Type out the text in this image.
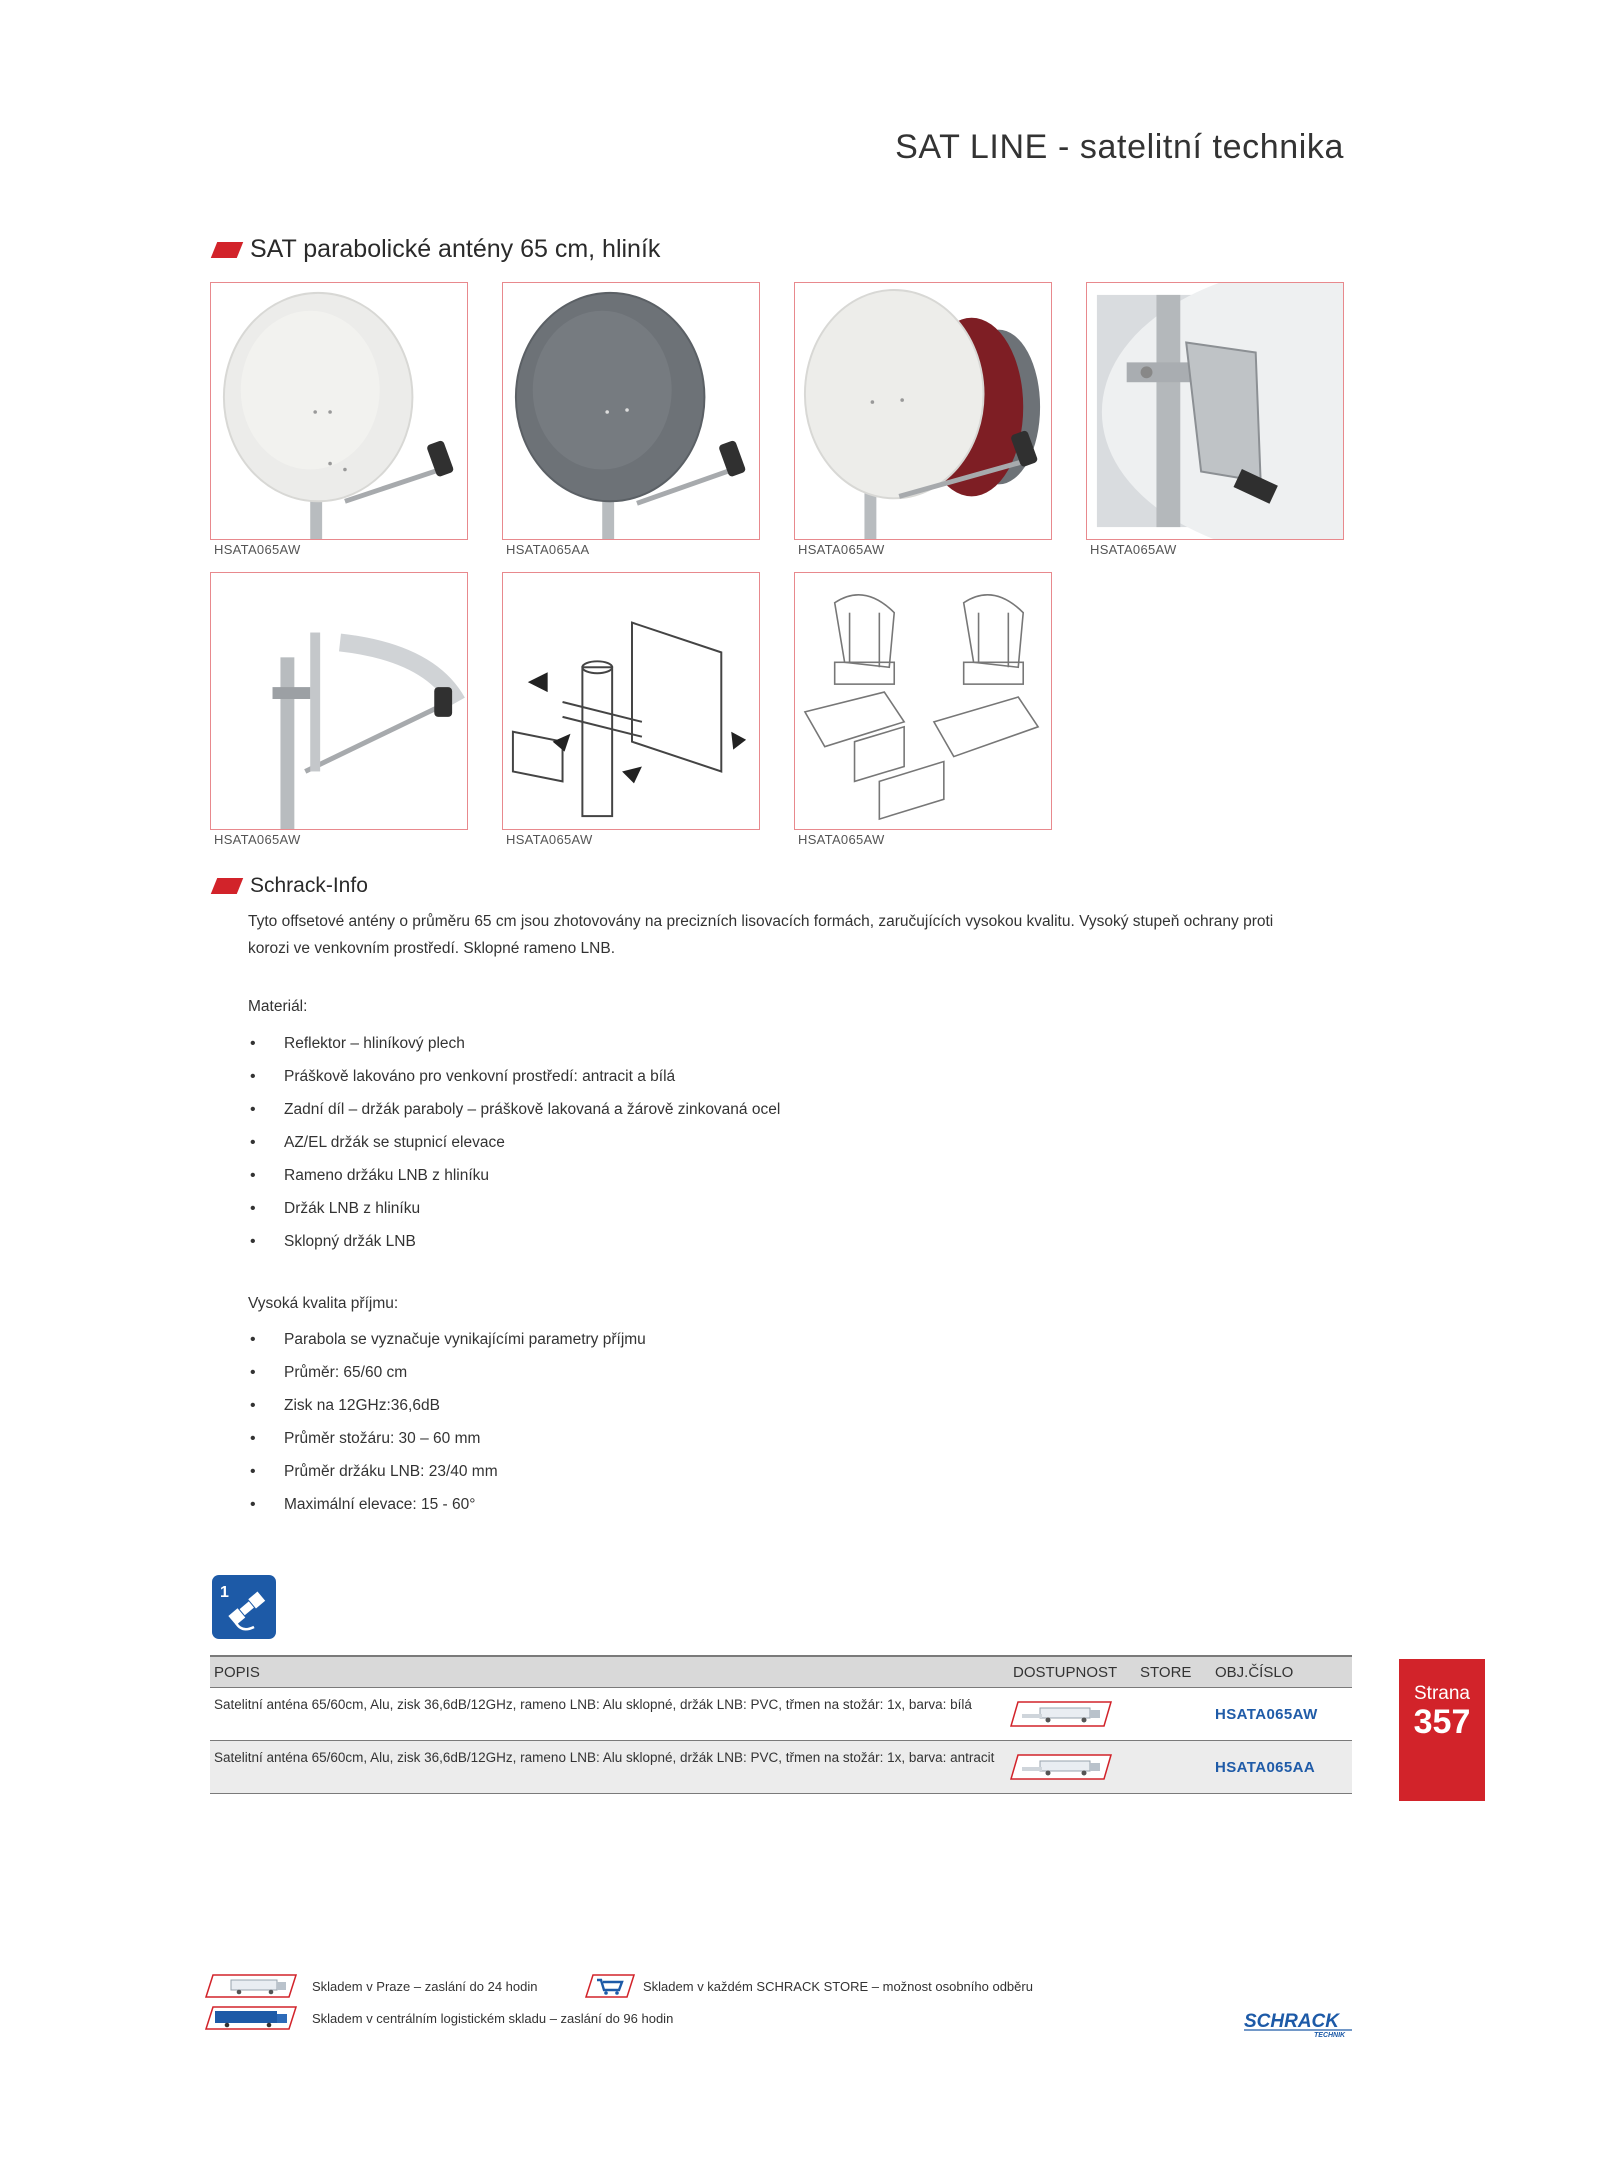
SAT LINE - satelitní technika
SAT parabolické antény 65 cm, hliník
HSATA065AW	HSATA065AA	HSATA065AW	HSATA065AW
HSATA065AW	HSATA065AW	HSATA065AW
Schrack-Info
Tyto offsetové antény o průměru 65 cm jsou zhotovovány na precizních lisovacích formách, zaručujících vysokou kvalitu. Vysoký stupeň ochrany proti korozi ve venkovním prostředí. Sklopné rameno LNB.
Materiál:
• Reflektor – hliníkový plech
• Práškově lakováno pro venkovní prostředí: antracit a bílá
• Zadní díl – držák paraboly – práškově lakovaná a žárově zinkovaná ocel
• AZ/EL držák se stupnicí elevace
• Rameno držáku LNB z hliníku
• Držák LNB z hliníku
• Sklopný držák LNB
Vysoká kvalita příjmu:
• Parabola se vyznačuje vynikajícími parametry příjmu
• Průměr: 65/60 cm
• Zisk na 12GHz:36,6dB
• Průměr stožáru: 30 – 60 mm
• Průměr držáku LNB: 23/40 mm
• Maximální elevace: 15 - 60°
1
POPIS	DOSTUPNOST STORE OBJ.ČÍSLO
Satelitní anténa 65/60cm, Alu, zisk 36,6dB/12GHz, rameno LNB: Alu sklopné, držák LNB: PVC, třmen na stožár: 1x, barva: bílá
HSATA065AW
Satelitní anténa 65/60cm, Alu, zisk 36,6dB/12GHz, rameno LNB: Alu sklopné, držák LNB: PVC, třmen na stožár: 1x, barva: antracit
HSATA065AA
Strana
357
Skladem v Praze – zaslání do 24 hodin	Skladem v každém SCHRACK STORE – možnost osobního odběru
Skladem v centrálním logistickém skladu – zaslání do 96 hodin	SCHRACK
TECHNIK
